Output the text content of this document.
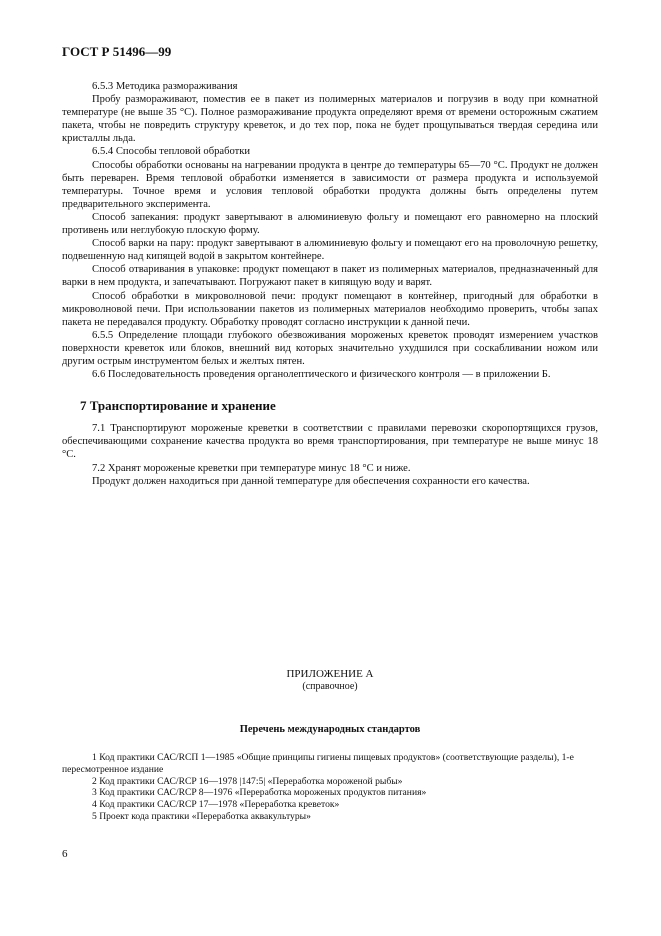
ГОСТ Р 51496—99

6.5.3 Методика размораживания

Пробу размораживают, поместив ее в пакет из полимерных материалов и погрузив в воду при комнатной температуре (не выше 35 °С). Полное размораживание продукта определяют время от времени осторожным сжатием пакета, чтобы не повредить структуру креветок, и до тех пор, пока не будет прощупываться твердая середина или кристаллы льда.

6.5.4 Способы тепловой обработки

Способы обработки основаны на нагревании продукта в центре до температуры 65—70 °С. Продукт не должен быть переварен. Время тепловой обработки изменяется в зависимости от размера продукта и используемой температуры. Точное время и условия тепловой обработки продукта должны быть определены путем предварительного эксперимента.

Способ запекания: продукт завертывают в алюминиевую фольгу и помещают его равномерно на плоский противень или неглубокую плоскую форму.

Способ варки на пару: продукт завертывают в алюминиевую фольгу и помещают его на проволочную решетку, подвешенную над кипящей водой в закрытом контейнере.

Способ отваривания в упаковке: продукт помещают в пакет из полимерных материалов, предназначенный для варки в нем продукта, и запечатывают. Погружают пакет в кипящую воду и варят.

Способ обработки в микроволновой печи: продукт помещают в контейнер, пригодный для обработки в микроволновой печи. При использовании пакетов из полимерных материалов необходимо проверить, чтобы запах пакета не передавался продукту. Обработку проводят согласно инструкции к данной печи.

6.5.5 Определение площади глубокого обезвоживания мороженых креветок проводят измерением участков поверхности креветок или блоков, внешний вид которых значительно ухудшился при соскабливании ножом или другим острым инструментом белых и желтых пятен.

6.6 Последовательность проведения органолептического и физического контроля — в приложении Б.

7 Транспортирование и хранение

7.1 Транспортируют мороженые креветки в соответствии с правилами перевозки скоропортящихся грузов, обеспечивающими сохранение качества продукта во время транспортирования, при температуре не выше минус 18 °С.

7.2 Хранят мороженые креветки при температуре минус 18 °С и ниже.

Продукт должен находиться при данной температуре для обеспечения сохранности его качества.

ПРИЛОЖЕНИЕ А
(справочное)
Перечень международных стандартов

1 Код практики САС/RCП 1—1985 «Общие принципы гигиены пищевых продуктов» (соответствующие разделы), 1-е пересмотренное издание

2 Код практики САС/RCP 16—1978 |147:5| «Переработка мороженой рыбы»

3 Код практики САС/RCP 8—1976 «Переработка мороженых продуктов питания»

4 Код практики САС/RCP 17—1978 «Переработка креветок»

5 Проект кода практики «Переработка аквакультуры»

6
